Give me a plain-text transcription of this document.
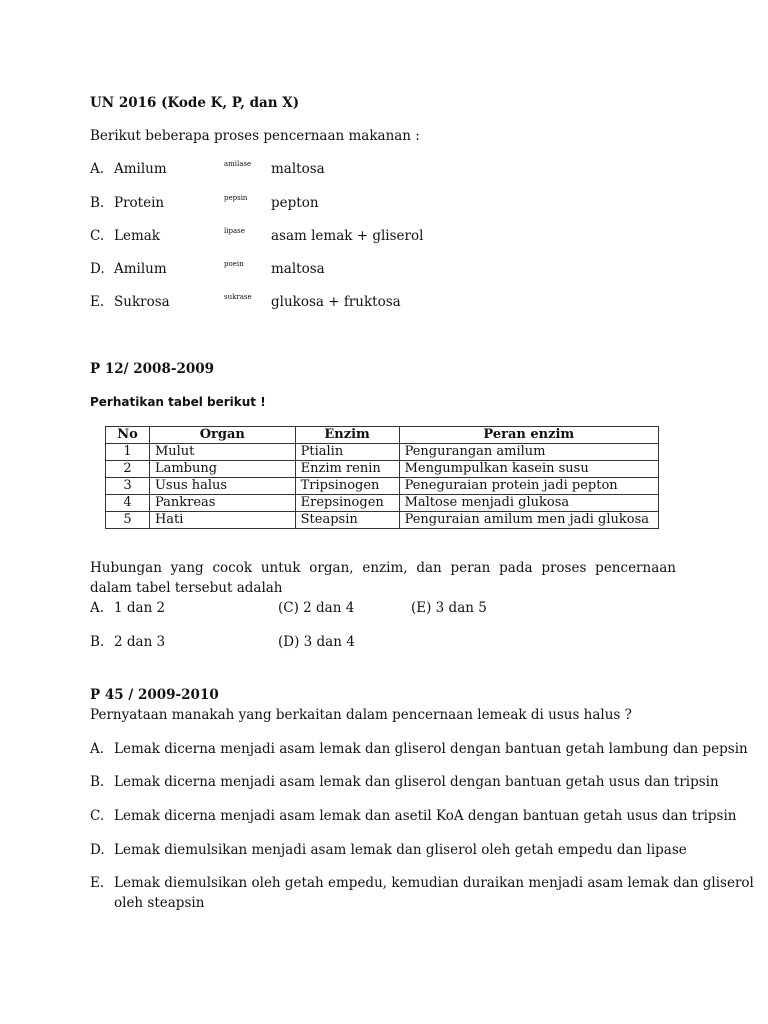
UN 2016 (Kode K, P, dan X)
Berikut beberapa proses pencernaan makanan :
A. Amilum	amilase maltosa
B. Protein	pepsin pepton
C. Lemak	lipase asam lemak + gliserol
D. Amilum	poein maltosa
E. Sukrosa	sukrase glukosa + fruktosa
P 12/ 2008-2009
Perhatikan tabel berikut !
No	Organ	Enzim	Peran enzim
1	Mulut	Ptialin	Pengurangan amilum
2	Lambung	Enzim renin	Mengumpulkan kasein susu
3	Usus halus	Tripsinogen	Peneguraian protein jadi pepton
4	Pankreas	Erepsinogen	Maltose menjadi glukosa
5	Hati	Steapsin	Penguraian amilum men jadi glukosa
Hubungan yang cocok untuk organ, enzim, dan peran pada proses pencernaan dalam tabel tersebut adalah
A. 1 dan 2	(C) 2 dan 4	(E) 3 dan 5
B. 2 dan 3	(D) 3 dan 4
P 45 / 2009-2010
Pernyataan manakah yang berkaitan dalam pencernaan lemeak di usus halus ?
A. Lemak dicerna menjadi asam lemak dan gliserol dengan bantuan getah lambung dan pepsin
B. Lemak dicerna menjadi asam lemak dan gliserol dengan bantuan getah usus dan tripsin
C. Lemak dicerna menjadi asam lemak dan asetil KoA dengan bantuan getah usus dan tripsin
D. Lemak diemulsikan menjadi asam lemak dan gliserol oleh getah empedu dan lipase
E. Lemak diemulsikan oleh getah empedu, kemudian duraikan menjadi asam lemak dan gliserol
oleh steapsin
